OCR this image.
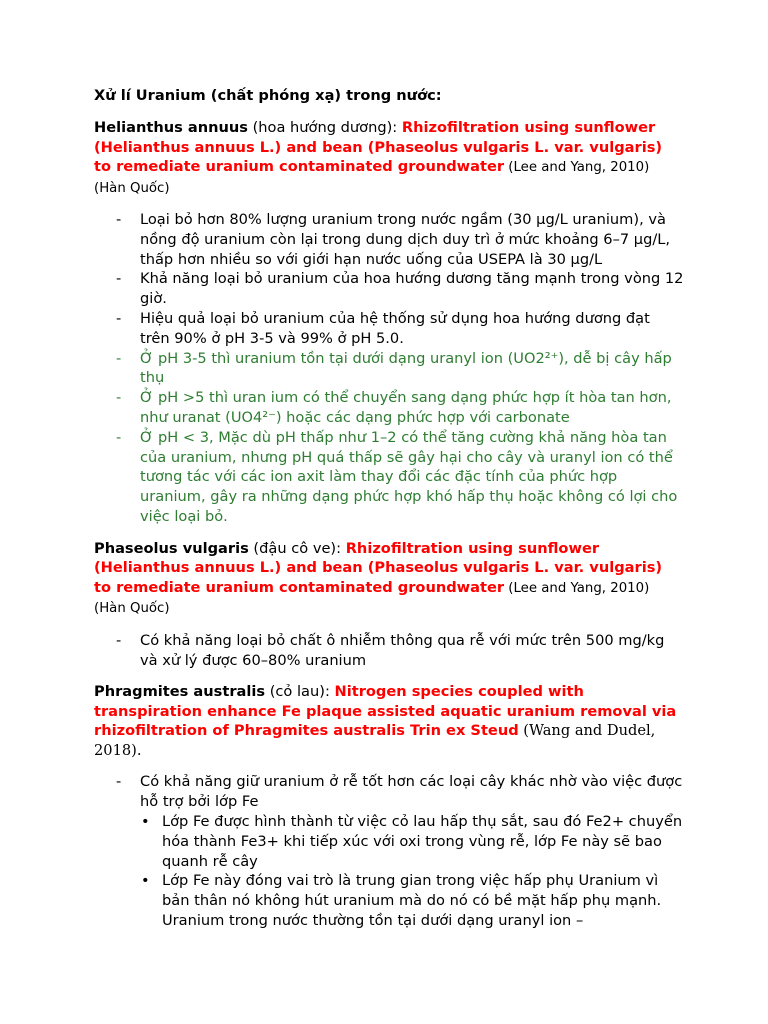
Xử lí Uranium (chất phóng xạ) trong nước:

Helianthus annuus (hoa hướng dương): Rhizofiltration using sunflower (Helianthus annuus L.) and bean (Phaseolus vulgaris L. var. vulgaris) to remediate uranium contaminated groundwater (Lee and Yang, 2010) (Hàn Quốc)

- Loại bỏ hơn 80% lượng uranium trong nước ngầm (30 µg/L uranium), và nồng độ uranium còn lại trong dung dịch duy trì ở mức khoảng 6–7 µg/L, thấp hơn nhiều so với giới hạn nước uống của USEPA là 30 µg/L
- Khả năng loại bỏ uranium của hoa hướng dương tăng mạnh trong vòng 12 giờ.
- Hiệu quả loại bỏ uranium của hệ thống sử dụng hoa hướng dương đạt trên 90% ở pH 3-5 và 99% ở pH 5.0.
- Ở pH 3-5 thì uranium tồn tại dưới dạng uranyl ion (UO2²⁺), dễ bị cây hấp thụ
- Ở pH >5 thì uran ium có thể chuyển sang dạng phức hợp ít hòa tan hơn, như uranat (UO4²⁻) hoặc các dạng phức hợp với carbonate
- Ở pH < 3, Mặc dù pH thấp như 1–2 có thể tăng cường khả năng hòa tan của uranium, nhưng pH quá thấp sẽ gây hại cho cây và uranyl ion có thể tương tác với các ion axit làm thay đổi các đặc tính của phức hợp uranium, gây ra những dạng phức hợp khó hấp thụ hoặc không có lợi cho việc loại bỏ.

Phaseolus vulgaris (đậu cô ve): Rhizofiltration using sunflower (Helianthus annuus L.) and bean (Phaseolus vulgaris L. var. vulgaris) to remediate uranium contaminated groundwater (Lee and Yang, 2010) (Hàn Quốc)

- Có khả năng loại bỏ chất ô nhiễm thông qua rễ với mức trên 500 mg/kg và xử lý được 60–80% uranium

Phragmites australis (cỏ lau): Nitrogen species coupled with transpiration enhance Fe plaque assisted aquatic uranium removal via rhizofiltration of Phragmites australis Trin ex Steud (Wang and Dudel, 2018).

- Có khả năng giữ uranium ở rễ tốt hơn các loại cây khác nhờ vào việc được hỗ trợ bởi lớp Fe
• Lớp Fe được hình thành từ việc cỏ lau hấp thụ sắt, sau đó Fe2+ chuyển hóa thành Fe3+ khi tiếp xúc với oxi trong vùng rễ, lớp Fe này sẽ bao quanh rễ cây
• Lớp Fe này đóng vai trò là trung gian trong việc hấp phụ Uranium vì bản thân nó không hút uranium mà do nó có bề mặt hấp phụ mạnh. Uranium trong nước thường tồn tại dưới dạng uranyl ion –
